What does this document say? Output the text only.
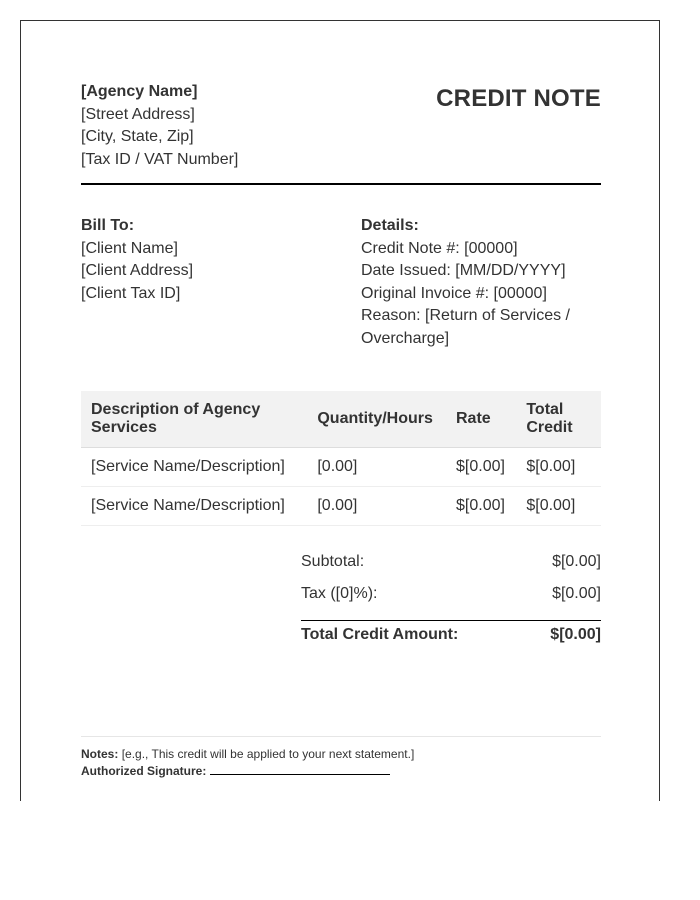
[Agency Name]
[Street Address]
[City, State, Zip]
[Tax ID / VAT Number]
CREDIT NOTE
Bill To:
[Client Name]
[Client Address]
[Client Tax ID]
Details:
Credit Note #: [00000]
Date Issued: [MM/DD/YYYY]
Original Invoice #: [00000]
Reason: [Return of Services / Overcharge]
Description of Agency Services	Quantity/Hours	Rate	Total Credit
[Service Name/Description]	[0.00]	$[0.00]	$[0.00]
[Service Name/Description]	[0.00]	$[0.00]	$[0.00]
Subtotal:	$[0.00]
Tax ([0]%):	$[0.00]
Total Credit Amount:	$[0.00]
Notes: [e.g., This credit will be applied to your next statement.]
Authorized Signature:
